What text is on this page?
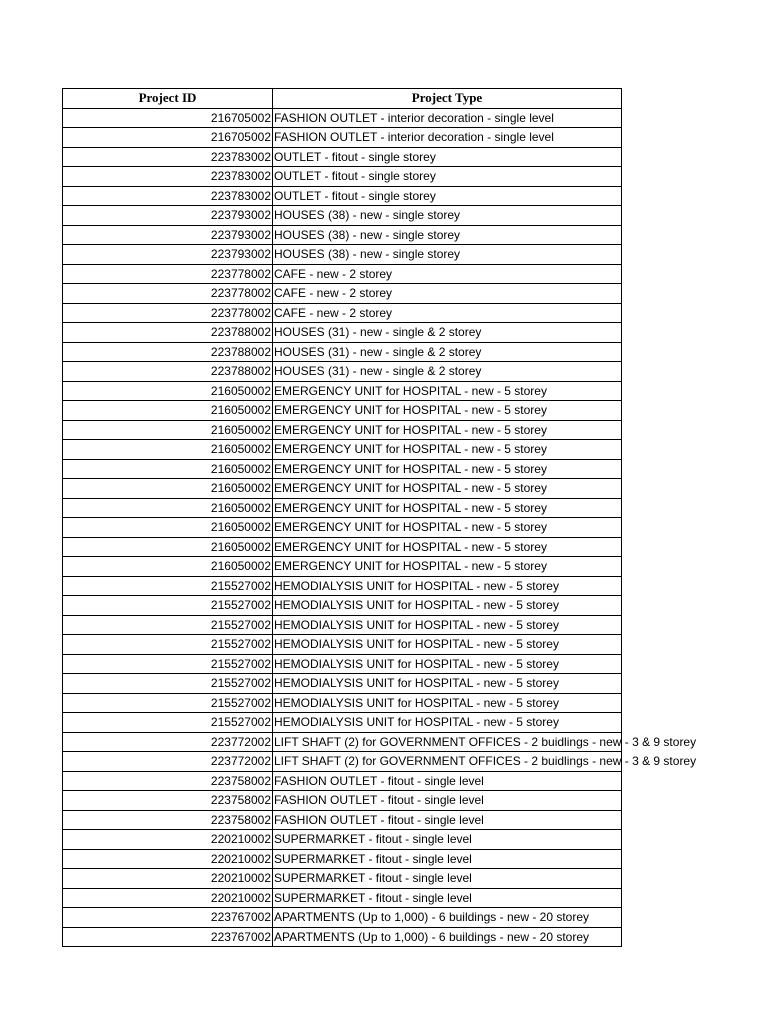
Project ID	Project Type
216705002	FASHION OUTLET - interior decoration - single level
216705002	FASHION OUTLET - interior decoration - single level
223783002	OUTLET - fitout - single storey
223783002	OUTLET - fitout - single storey
223783002	OUTLET - fitout - single storey
223793002	HOUSES (38) - new - single storey
223793002	HOUSES (38) - new - single storey
223793002	HOUSES (38) - new - single storey
223778002	CAFE - new - 2 storey
223778002	CAFE - new - 2 storey
223778002	CAFE - new - 2 storey
223788002	HOUSES (31) - new - single & 2 storey
223788002	HOUSES (31) - new - single & 2 storey
223788002	HOUSES (31) - new - single & 2 storey
216050002	EMERGENCY UNIT for HOSPITAL - new - 5 storey
216050002	EMERGENCY UNIT for HOSPITAL - new - 5 storey
216050002	EMERGENCY UNIT for HOSPITAL - new - 5 storey
216050002	EMERGENCY UNIT for HOSPITAL - new - 5 storey
216050002	EMERGENCY UNIT for HOSPITAL - new - 5 storey
216050002	EMERGENCY UNIT for HOSPITAL - new - 5 storey
216050002	EMERGENCY UNIT for HOSPITAL - new - 5 storey
216050002	EMERGENCY UNIT for HOSPITAL - new - 5 storey
216050002	EMERGENCY UNIT for HOSPITAL - new - 5 storey
216050002	EMERGENCY UNIT for HOSPITAL - new - 5 storey
215527002	HEMODIALYSIS UNIT for HOSPITAL - new - 5 storey
215527002	HEMODIALYSIS UNIT for HOSPITAL - new - 5 storey
215527002	HEMODIALYSIS UNIT for HOSPITAL - new - 5 storey
215527002	HEMODIALYSIS UNIT for HOSPITAL - new - 5 storey
215527002	HEMODIALYSIS UNIT for HOSPITAL - new - 5 storey
215527002	HEMODIALYSIS UNIT for HOSPITAL - new - 5 storey
215527002	HEMODIALYSIS UNIT for HOSPITAL - new - 5 storey
215527002	HEMODIALYSIS UNIT for HOSPITAL - new - 5 storey
223772002	LIFT SHAFT (2) for GOVERNMENT OFFICES - 2 buidlings - new - 3 & 9 storey
223772002	LIFT SHAFT (2) for GOVERNMENT OFFICES - 2 buidlings - new - 3 & 9 storey
223758002	FASHION OUTLET - fitout - single level
223758002	FASHION OUTLET - fitout - single level
223758002	FASHION OUTLET - fitout - single level
220210002	SUPERMARKET - fitout - single level
220210002	SUPERMARKET - fitout - single level
220210002	SUPERMARKET - fitout - single level
220210002	SUPERMARKET - fitout - single level
223767002	APARTMENTS (Up to 1,000) - 6 buildings - new - 20 storey
223767002	APARTMENTS (Up to 1,000) - 6 buildings - new - 20 storey
